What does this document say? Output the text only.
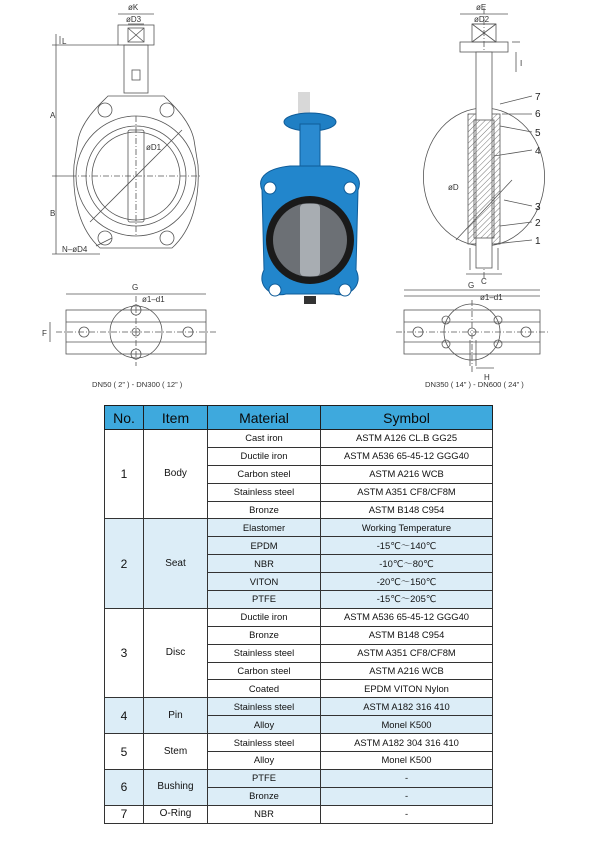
øK
øD3
L
A
B
øD1
N–øD4
G
ø1–d1
F
øE
øD2
I
øD
C
G
ø1–d1
H
7
6
5
4
3
2
1
DN50 ( 2” ) - DN300 ( 12” )	DN350 ( 14” ) - DN600 ( 24” )
No.	Item	Material	Symbol
1	Body	Cast iron	ASTM A126 CL.B GG25
		Ductile iron	ASTM A536 65-45-12 GGG40
		Carbon steel	ASTM A216 WCB
		Stainless steel	ASTM A351 CF8/CF8M
		Bronze	ASTM B148 C954
2	Seat	Elastomer	Working Temperature
		EPDM	-15℃～140℃
		NBR	-10℃～80℃
		VITON	-20℃～150℃
		PTFE	-15℃～205℃
3	Disc	Ductile iron	ASTM A536 65-45-12 GGG40
		Bronze	ASTM B148 C954
		Stainless steel	ASTM A351 CF8/CF8M
		Carbon steel	ASTM A216 WCB
		Coated	EPDM VITON Nylon
4	Pin	Stainless steel	ASTM A182 316 410
		Alloy	Monel K500
5	Stem	Stainless steel	ASTM A182 304 316 410
		Alloy	Monel K500
6	Bushing	PTFE	-
		Bronze	-
7	O-Ring	NBR	-
